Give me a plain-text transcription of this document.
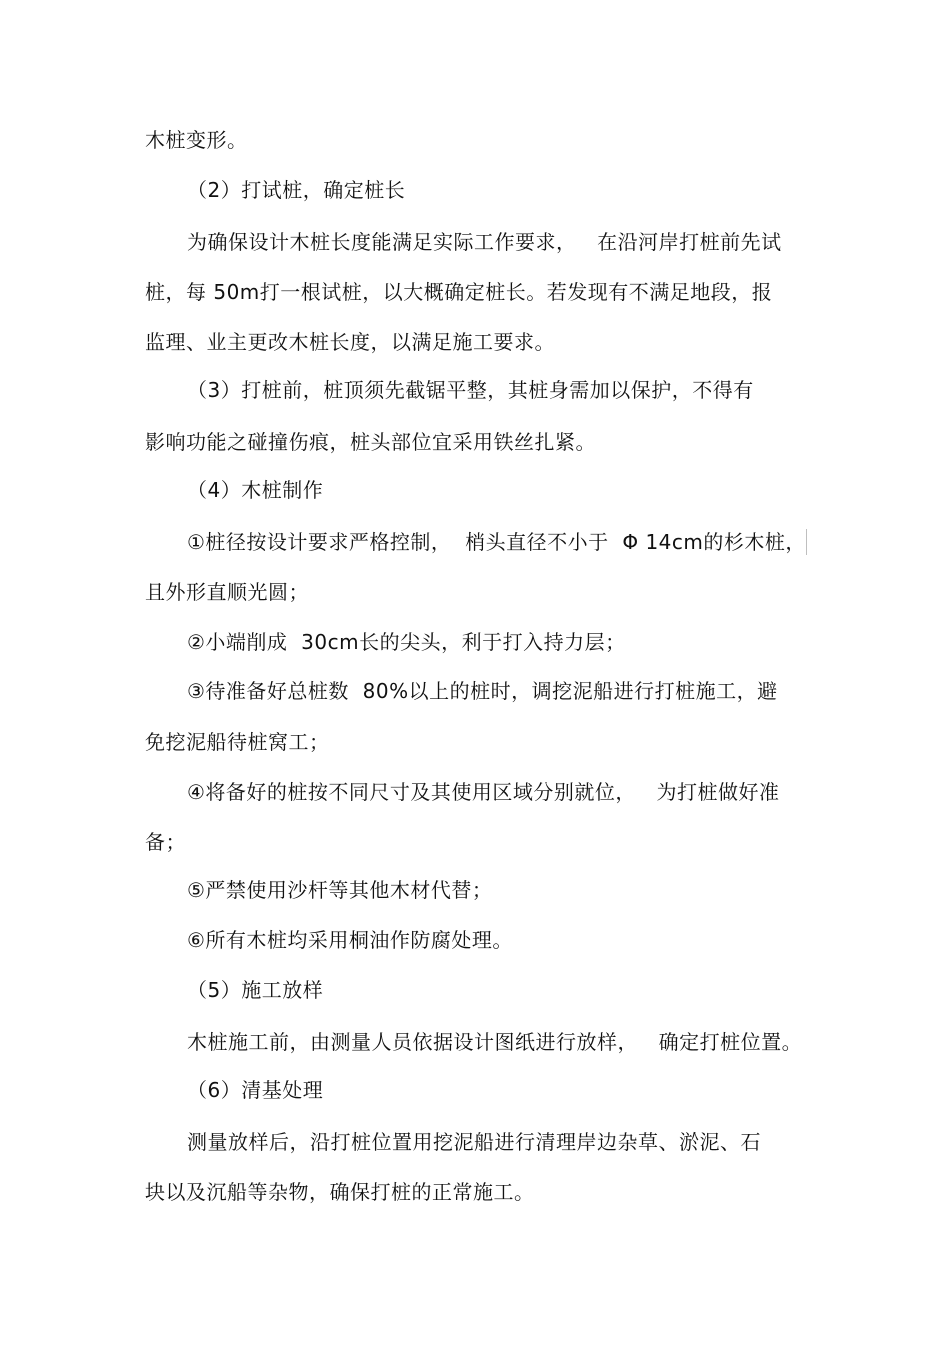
木桩变形。
（2）打试桩，确定桩长
为确保设计木桩长度能满足实际工作要求，   在沿河岸打桩前先试
桩，每 50m打一根试桩，以大概确定桩长。若发现有不满足地段，报
监理、业主更改木桩长度，以满足施工要求。
（3）打桩前，桩顶须先截锯平整，其桩身需加以保护，不得有
影响功能之碰撞伤痕，桩头部位宜采用铁丝扎紧。
（4）木桩制作
①桩径按设计要求严格控制，  梢头直径不小于  Φ 14cm的杉木桩，
且外形直顺光圆；
②小端削成  30cm长的尖头，利于打入持力层；
③待准备好总桩数  80%以上的桩时，调挖泥船进行打桩施工，避
免挖泥船待桩窝工；
④将备好的桩按不同尺寸及其使用区域分别就位，   为打桩做好准
备；
⑤严禁使用沙杆等其他木材代替；
⑥所有木桩均采用桐油作防腐处理。
（5）施工放样
木桩施工前，由测量人员依据设计图纸进行放样，   确定打桩位置。
（6）清基处理
测量放样后，沿打桩位置用挖泥船进行清理岸边杂草、淤泥、石
块以及沉船等杂物，确保打桩的正常施工。
